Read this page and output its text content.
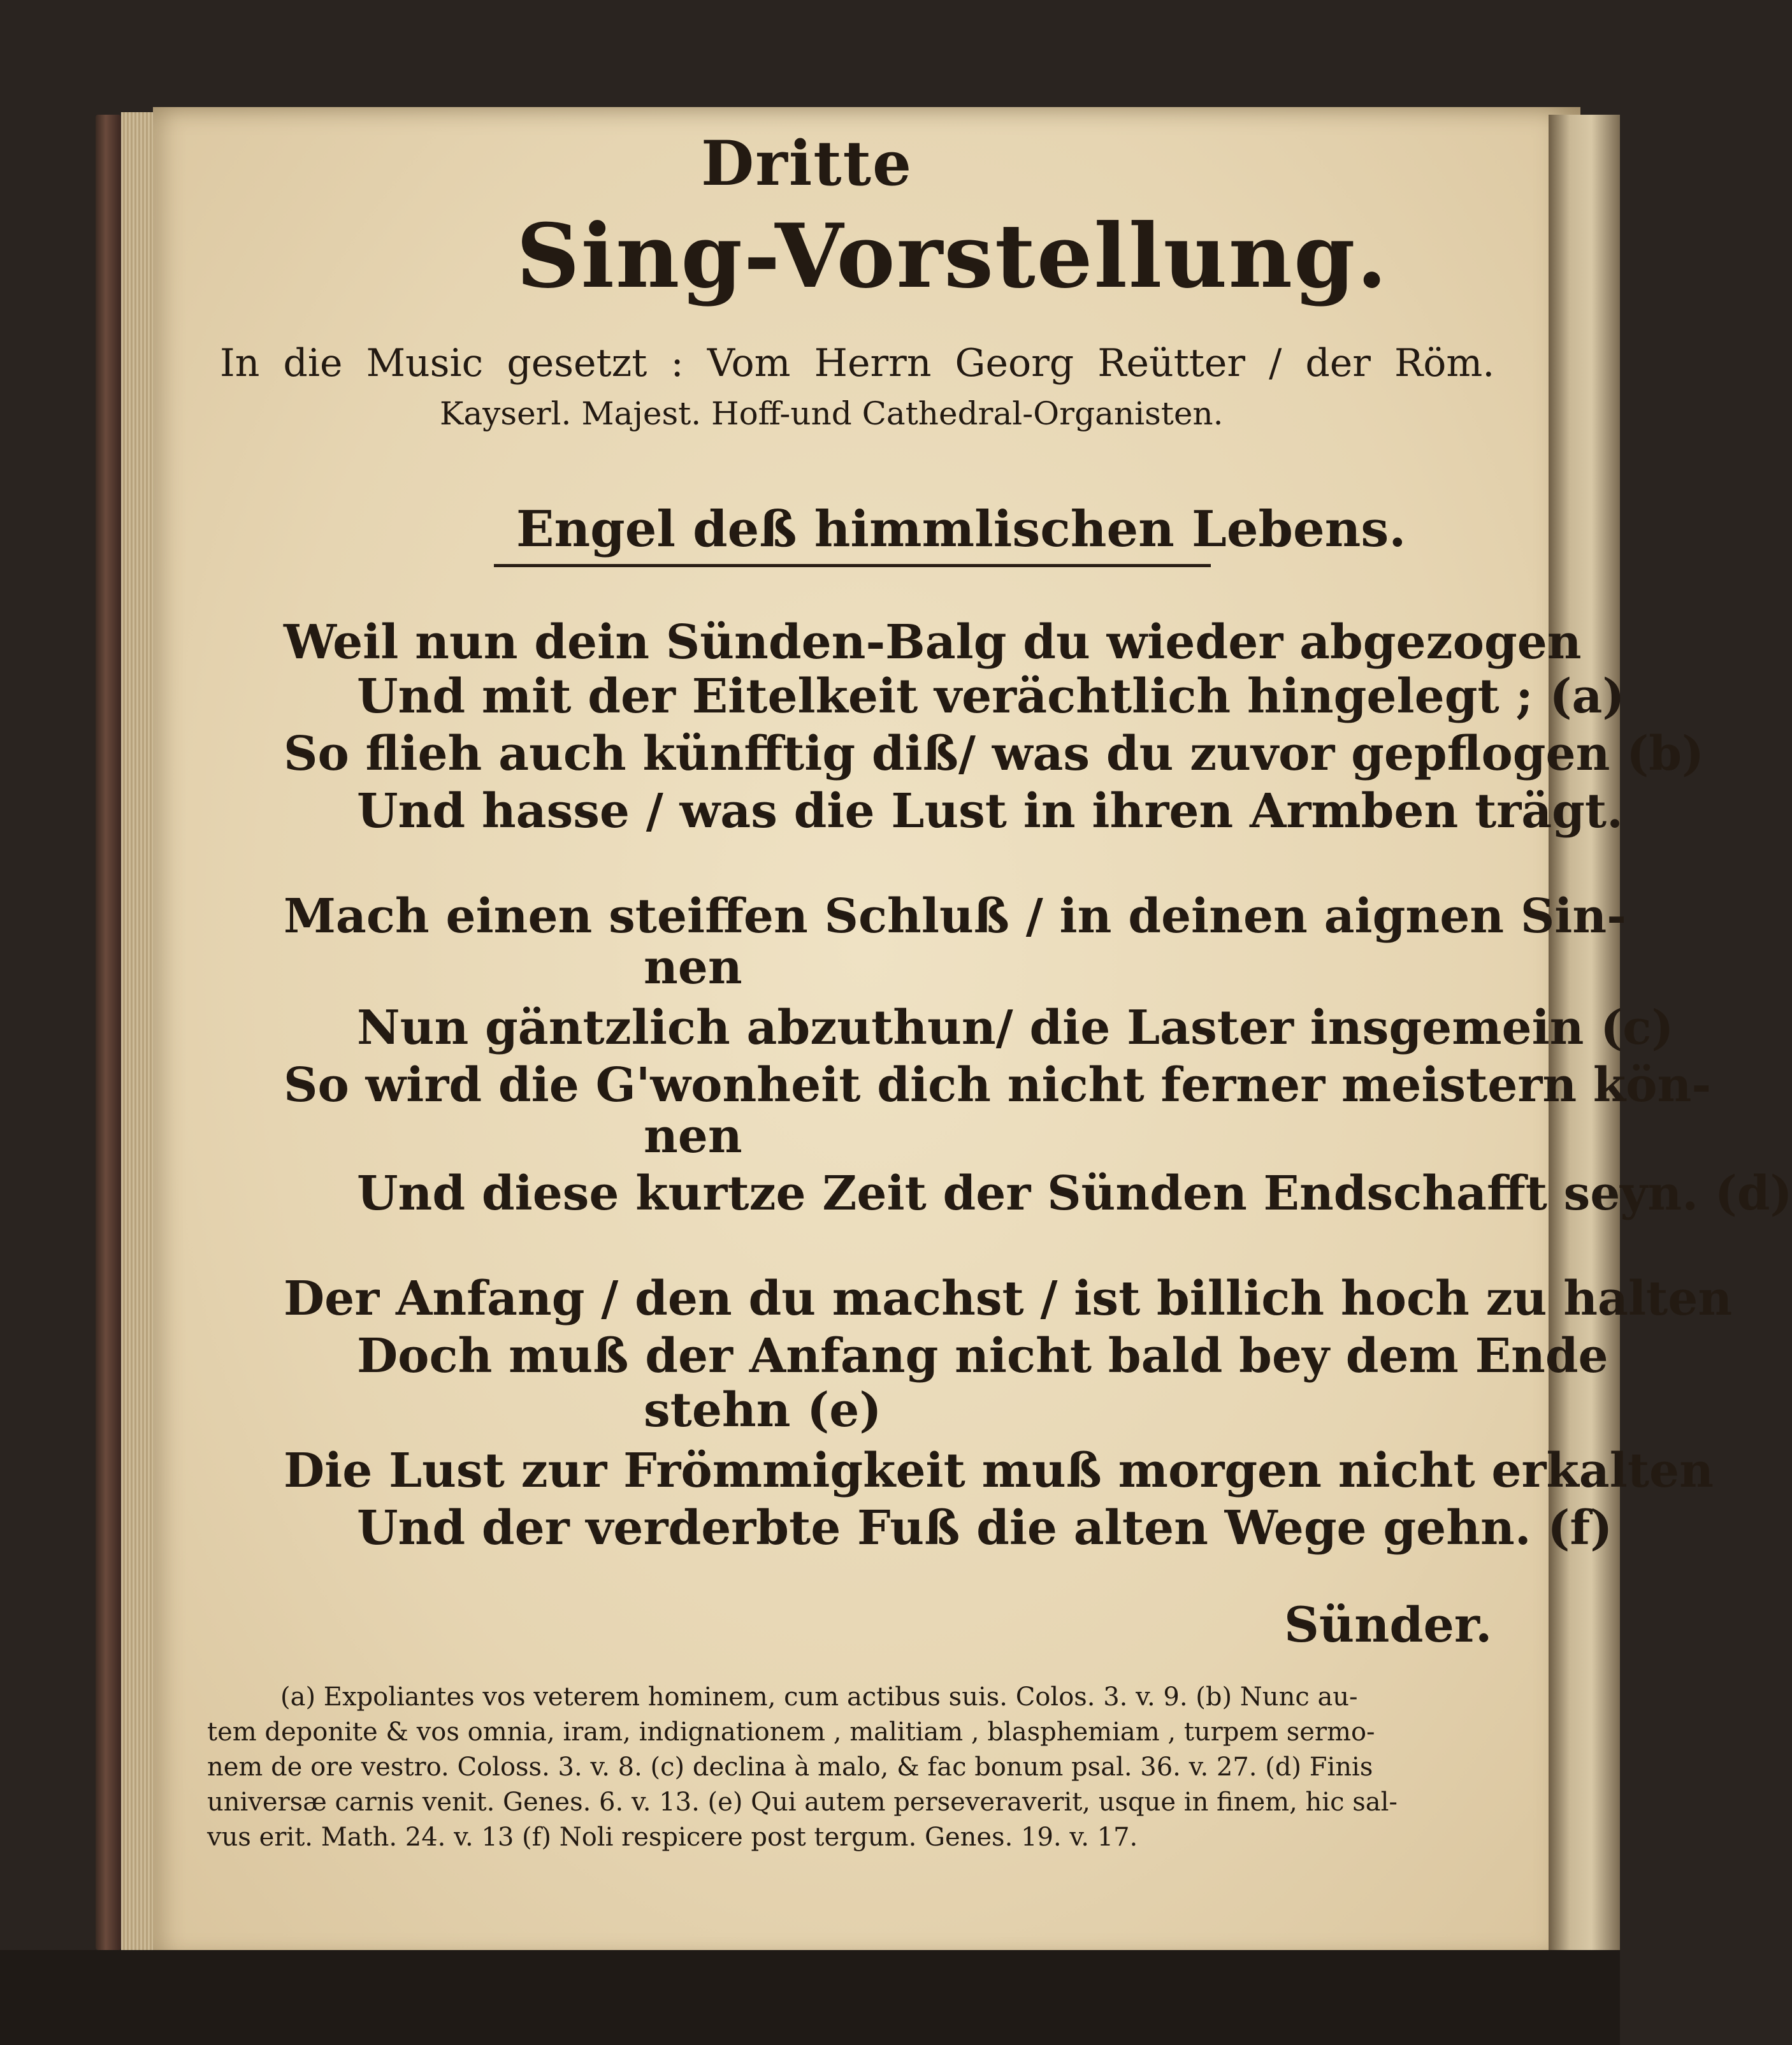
Dritte
Sing-Vorstellung.
In die Music gesetzt : Vom Herrn Georg Reütter / der Röm.
Kayserl. Majest. Hoff-und Cathedral-Organisten.
Engel deß himmlischen Lebens.
Weil nun dein Sünden-Balg du wieder abgezogen
Und mit der Eitelkeit verächtlich hingelegt ; (a)
So flieh auch künfftig diß/ was du zuvor gepflogen (b)
Und hasse / was die Lust in ihren Armben trägt.
Mach einen steiffen Schluß / in deinen aignen Sin-
nen
Nun gäntzlich abzuthun/ die Laster insgemein (c)
So wird die G'wonheit dich nicht ferner meistern kön-
nen
Und diese kurtze Zeit der Sünden Endschafft seyn. (d)
Der Anfang / den du machst / ist billich hoch zu halten
Doch muß der Anfang nicht bald bey dem Ende
stehn (e)
Die Lust zur Frömmigkeit muß morgen nicht erkalten
Und der verderbte Fuß die alten Wege gehn. (f)
Sünder.
(a) Expoliantes vos veterem hominem, cum actibus suis. Colos. 3. v. 9. (b) Nunc au-
tem deponite & vos omnia, iram, indignationem , malitiam , blasphemiam , turpem sermo-
nem de ore vestro. Coloss. 3. v. 8. (c) declina à malo, & fac bonum psal. 36. v. 27. (d) Finis
universæ carnis venit. Genes. 6. v. 13. (e) Qui autem perseveraverit, usque in finem, hic sal-
vus erit. Math. 24. v. 13 (f) Noli respicere post tergum. Genes. 19. v. 17.
